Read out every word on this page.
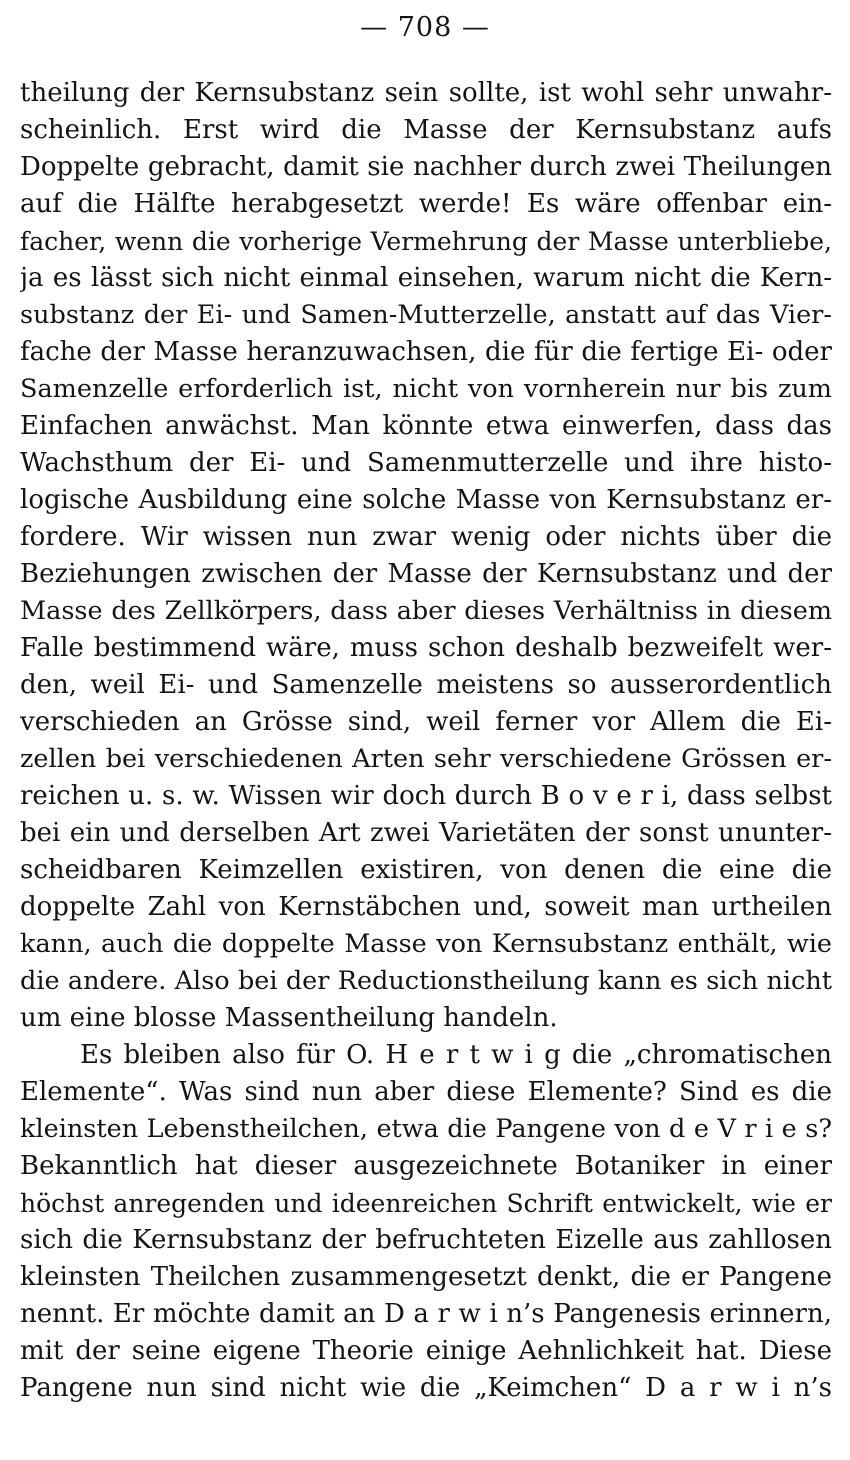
— 708 —
theilung der Kernsubstanz sein sollte, ist wohl sehr unwahr-
scheinlich. Erst wird die Masse der Kernsubstanz aufs
Doppelte gebracht, damit sie nachher durch zwei Theilungen
auf die Hälfte herabgesetzt werde! Es wäre offenbar ein-
facher, wenn die vorherige Vermehrung der Masse unterbliebe,
ja es lässt sich nicht einmal einsehen, warum nicht die Kern-
substanz der Ei- und Samen-Mutterzelle, anstatt auf das Vier-
fache der Masse heranzuwachsen, die für die fertige Ei- oder
Samenzelle erforderlich ist, nicht von vornherein nur bis zum
Einfachen anwächst. Man könnte etwa einwerfen, dass das
Wachsthum der Ei- und Samenmutterzelle und ihre histo-
logische Ausbildung eine solche Masse von Kernsubstanz er-
fordere. Wir wissen nun zwar wenig oder nichts über die
Beziehungen zwischen der Masse der Kernsubstanz und der
Masse des Zellkörpers, dass aber dieses Verhältniss in diesem
Falle bestimmend wäre, muss schon deshalb bezweifelt wer-
den, weil Ei- und Samenzelle meistens so ausserordentlich
verschieden an Grösse sind, weil ferner vor Allem die Ei-
zellen bei verschiedenen Arten sehr verschiedene Grössen er-
reichen u. s. w. Wissen wir doch durch B o v e r i, dass selbst
bei ein und derselben Art zwei Varietäten der sonst ununter-
scheidbaren Keimzellen existiren, von denen die eine die
doppelte Zahl von Kernstäbchen und, soweit man urtheilen
kann, auch die doppelte Masse von Kernsubstanz enthält, wie
die andere. Also bei der Reductionstheilung kann es sich nicht
um eine blosse Massentheilung handeln.
Es bleiben also für O. H e r t w i g die „chromatischen
Elemente“. Was sind nun aber diese Elemente? Sind es die
kleinsten Lebenstheilchen, etwa die Pangene von d e V r i e s?
Bekanntlich hat dieser ausgezeichnete Botaniker in einer
höchst anregenden und ideenreichen Schrift entwickelt, wie er
sich die Kernsubstanz der befruchteten Eizelle aus zahllosen
kleinsten Theilchen zusammengesetzt denkt, die er Pangene
nennt. Er möchte damit an D a r w i n’s Pangenesis erinnern,
mit der seine eigene Theorie einige Aehnlichkeit hat. Diese
Pangene nun sind nicht wie die „Keimchen“ D a r w i n’s
